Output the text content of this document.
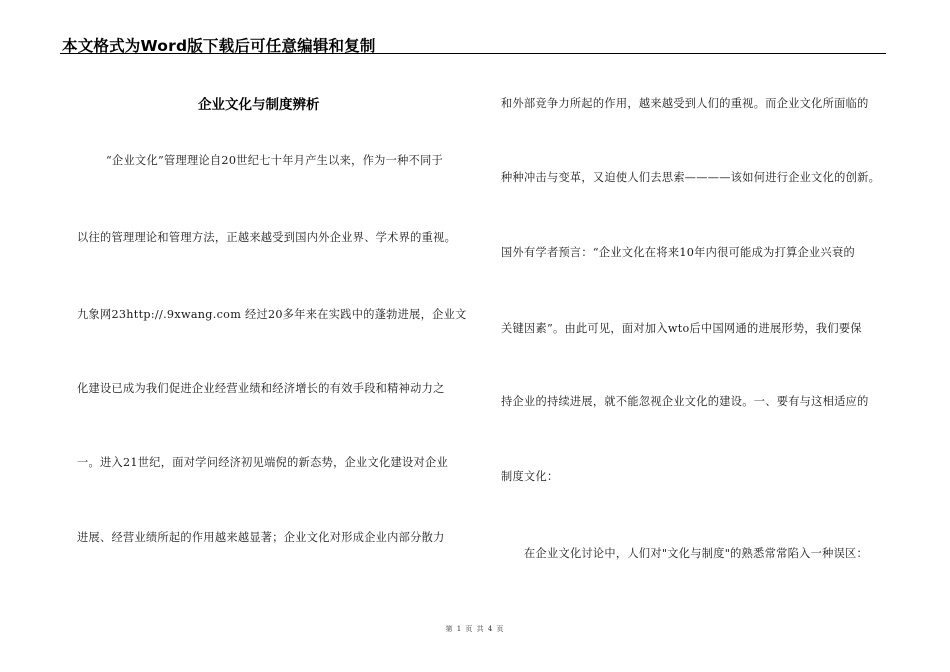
本文格式为Word版下载后可任意编辑和复制
企业文化与制度辨析
“企业文化”管理理论自20世纪七十年月产生以来，作为一种不同于
以往的管理理论和管理方法，正越来越受到国内外企业界、学术界的重视。
九象网23http://.9xwang.com 经过20多年来在实践中的蓬勃进展，企业文
化建设已成为我们促进企业经营业绩和经济增长的有效手段和精神动力之
一。进入21世纪，面对学问经济初见端倪的新态势，企业文化建设对企业
进展、经营业绩所起的作用越来越显著；企业文化对形成企业内部分散力
和外部竞争力所起的作用，越来越受到人们的重视。而企业文化所面临的
种种冲击与变革，又迫使人们去思索————该如何进行企业文化的创新。
国外有学者预言：“企业文化在将来10年内很可能成为打算企业兴衰的
关键因素”。由此可见，面对加入wto后中国网通的进展形势，我们要保
持企业的持续进展，就不能忽视企业文化的建设。一、要有与这相适应的
制度文化：
在企业文化讨论中，人们对"文化与制度"的熟悉常常陷入一种误区：
第 1 页 共 4 页
